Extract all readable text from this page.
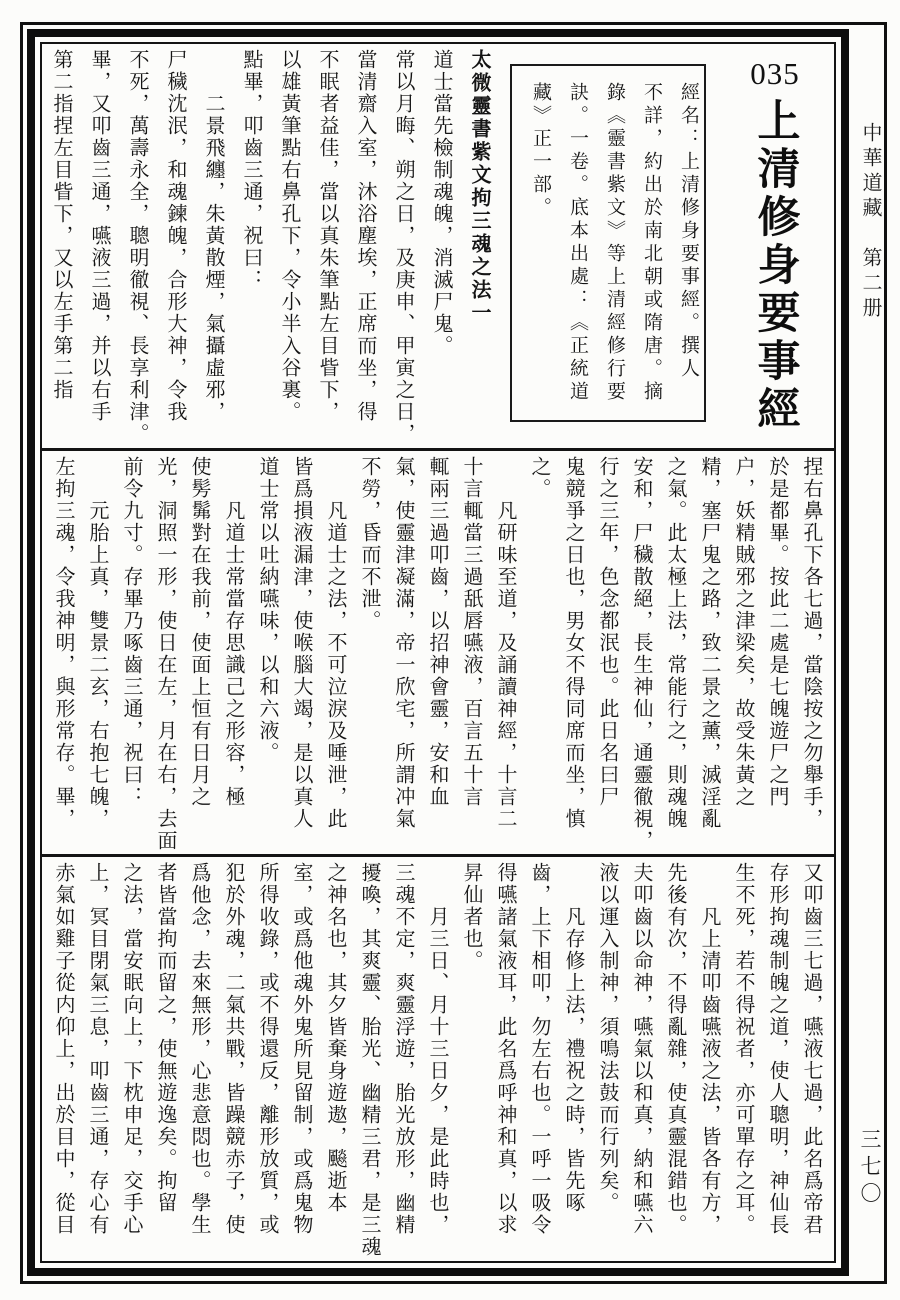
中華道藏　第二册
三七〇
035
上清修身要事經
經名：上清修身要事經。撰人
不詳，約出於南北朝或隋唐。摘
錄《靈書紫文》等上清經修行要
訣。一卷。底本出處：《正統道
藏》正一部。
太微靈書紫文拘三魂之法一
道士當先檢制魂魄，消滅尸鬼。
常以月晦、朔之日，及庚申、甲寅之日，
當清齋入室，沐浴塵埃，正席而坐，得
不眠者益佳，當以真朱筆點左目眥下，
以雄黃筆點右鼻孔下，令小半入谷裏。
點畢，叩齒三通，祝曰：
　　二景飛纏，朱黃散煙，氣攝虛邪，
尸穢沈泯，和魂鍊魄，合形大神，令我
不死，萬壽永全，聰明徹視、長享利津。
畢，又叩齒三通，嚥液三過，并以右手
第二指捏左目眥下，又以左手第二指
捏右鼻孔下各七過，當陰按之勿舉手，
於是都畢。按此二處是七魄遊尸之門
户，妖精賊邪之津梁矣，故受朱黃之
精，塞尸鬼之路，致二景之薰，滅淫亂
之氣。此太極上法，常能行之，則魂魄
安和，尸穢散絕，長生神仙，通靈徹視，
行之三年，色念都泯也。此日名曰尸
鬼競爭之日也，男女不得同席而坐，慎
之。
　　凡研味至道，及誦讀神經，十言二
十言輒當三過舐唇嚥液，百言五十言
輒兩三過叩齒，以招神會靈，安和血
氣，使靈津凝滿，帝一欣宅，所謂冲氣
不勞，昏而不泄。
　　凡道士之法，不可泣淚及唾泄，此
皆爲損液漏津，使喉腦大竭，是以真人
道士常以吐納嚥味，以和六液。
　　凡道士常當存思識己之形容，極
使髣髴對在我前，使面上恒有日月之
光，洞照一形，使日在左，月在右，去面
前令九寸。存畢乃啄齒三通，祝曰：
　　元胎上真，雙景二玄，右抱七魄，
左拘三魂，令我神明，與形常存。畢，
又叩齒三七過，嚥液七過，此名爲帝君
存形拘魂制魄之道，使人聰明，神仙長
生不死，若不得祝者，亦可單存之耳。
　　凡上清叩齒嚥液之法，皆各有方，
先後有次，不得亂雜，使真靈混錯也。
夫叩齒以命神，嚥氣以和真，納和嚥六
液以運入制神，須鳴法鼓而行列矣。
　　凡存修上法，禮祝之時，皆先啄
齒，上下相叩，勿左右也。一呼一吸令
得嚥諸氣液耳，此名爲呼神和真，以求
昇仙者也。
　　月三日、月十三日夕，是此時也，
三魂不定，爽靈浮遊，胎光放形，幽精
擾喚，其爽靈、胎光、幽精三君，是三魂
之神名也，其夕皆棄身遊遨，飈逝本
室，或爲他魂外鬼所見留制，或爲鬼物
所得收錄，或不得還反，離形放質，或
犯於外魂，二氣共戰，皆躁競赤子，使
爲他念，去來無形，心悲意悶也。學生
者皆當拘而留之，使無遊逸矣。拘留
之法，當安眠向上，下枕申足，交手心
上，冥目閉氣三息，叩齒三通，存心有
赤氣如雞子從内仰上，出於目中，從目
